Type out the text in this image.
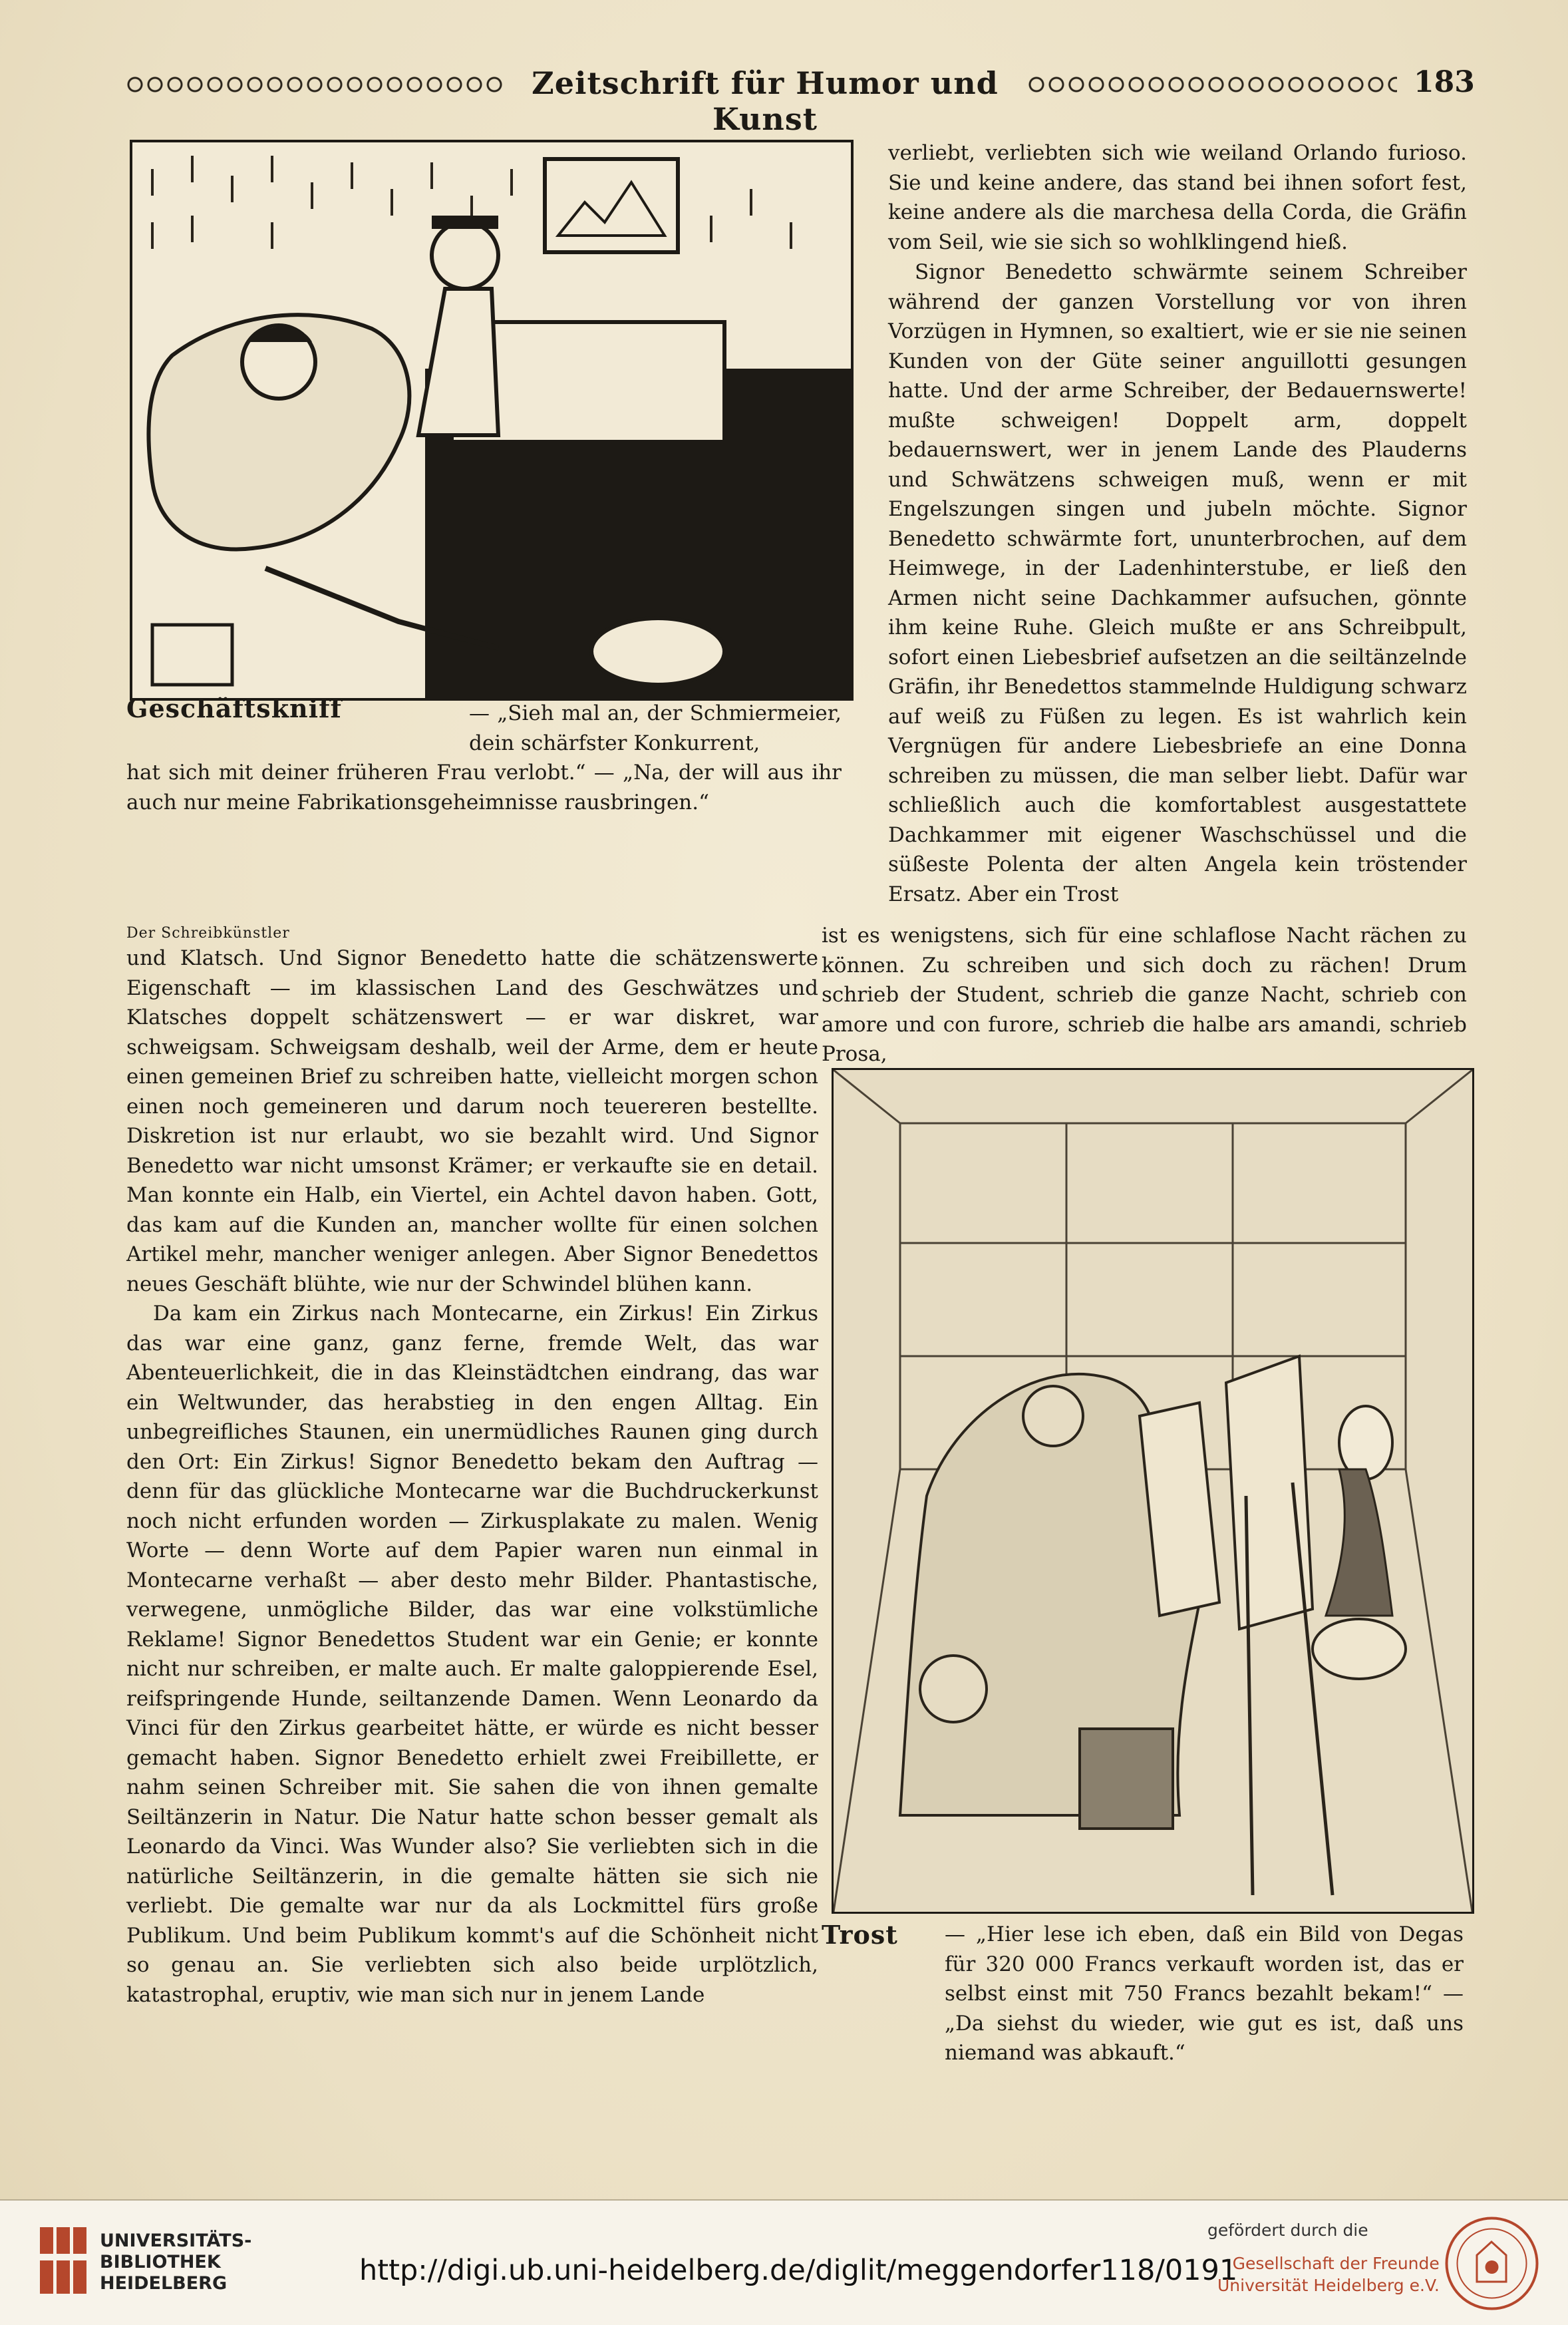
Zeitschrift für Humor und Kunst
183
Geschäftskniff	— „Sieh mal an, der Schmiermeier, dein schärfster Konkurrent,

hat sich mit deiner früheren Frau verlobt.“ — „Na, der will aus ihr auch nur meine Fabrikationsgeheimnisse rausbringen.“

Der Schreibkünstler

und Klatsch. Und Signor Benedetto hatte die schätzenswerte Eigenschaft — im klassischen Land des Geschwätzes und Klatsches doppelt schätzenswert — er war diskret, war schweigsam. Schweigsam deshalb, weil der Arme, dem er heute einen gemeinen Brief zu schreiben hatte, vielleicht morgen schon einen noch gemeineren und darum noch teuereren bestellte. Diskretion ist nur erlaubt, wo sie bezahlt wird. Und Signor Benedetto war nicht umsonst Krämer; er verkaufte sie en detail. Man konnte ein Halb, ein Viertel, ein Achtel davon haben. Gott, das kam auf die Kunden an, mancher wollte für einen solchen Artikel mehr, mancher weniger anlegen. Aber Signor Benedettos neues Geschäft blühte, wie nur der Schwindel blühen kann.

Da kam ein Zirkus nach Montecarne, ein Zirkus! Ein Zirkus das war eine ganz, ganz ferne, fremde Welt, das war Abenteuerlichkeit, die in das Kleinstädtchen eindrang, das war ein Weltwunder, das herabstieg in den engen Alltag. Ein unbegreifliches Staunen, ein unermüdliches Raunen ging durch den Ort: Ein Zirkus! Signor Benedetto bekam den Auftrag — denn für das glückliche Montecarne war die Buchdruckerkunst noch nicht erfunden worden — Zirkusplakate zu malen. Wenig Worte — denn Worte auf dem Papier waren nun einmal in Montecarne verhaßt — aber desto mehr Bilder. Phantastische, verwegene, unmögliche Bilder, das war eine volkstümliche Reklame! Signor Benedettos Student war ein Genie; er konnte nicht nur schreiben, er malte auch. Er malte galoppierende Esel, reifspringende Hunde, seiltanzende Damen. Wenn Leonardo da Vinci für den Zirkus gearbeitet hätte, er würde es nicht besser gemacht haben. Signor Benedetto erhielt zwei Freibillette, er nahm seinen Schreiber mit. Sie sahen die von ihnen gemalte Seiltänzerin in Natur. Die Natur hatte schon besser gemalt als Leonardo da Vinci. Was Wunder also? Sie verliebten sich in die natürliche Seiltänzerin, in die gemalte hätten sie sich nie verliebt. Die gemalte war nur da als Lockmittel fürs große Publikum. Und beim Publikum kommt's auf die Schönheit nicht so genau an. Sie verliebten sich also beide urplötzlich, katastrophal, eruptiv, wie man sich nur in jenem Lande

verliebt, verliebten sich wie weiland Orlando furioso. Sie und keine andere, das stand bei ihnen sofort fest, keine andere als die marchesa della Corda, die Gräfin vom Seil, wie sie sich so wohlklingend hieß.

Signor Benedetto schwärmte seinem Schreiber während der ganzen Vorstellung vor von ihren Vorzügen in Hymnen, so exaltiert, wie er sie nie seinen Kunden von der Güte seiner anguillotti gesungen hatte. Und der arme Schreiber, der Bedauernswerte! mußte schweigen! Doppelt arm, doppelt bedauernswert, wer in jenem Lande des Plauderns und Schwätzens schweigen muß, wenn er mit Engelszungen singen und jubeln möchte. Signor Benedetto schwärmte fort, ununterbrochen, auf dem Heimwege, in der Ladenhinterstube, er ließ den Armen nicht seine Dachkammer aufsuchen, gönnte ihm keine Ruhe. Gleich mußte er ans Schreibpult, sofort einen Liebesbrief aufsetzen an die seiltänzelnde Gräfin, ihr Benedettos stammelnde Huldigung schwarz auf weiß zu Füßen zu legen. Es ist wahrlich kein Vergnügen für andere Liebesbriefe an eine Donna schreiben zu müssen, die man selber liebt. Dafür war schließlich auch die komfortablest ausgestattete Dachkammer mit eigener Waschschüssel und die süßeste Polenta der alten Angela kein tröstender Ersatz. Aber ein Trost

ist es wenigstens, sich für eine schlaflose Nacht rächen zu können. Zu schreiben und sich doch zu rächen! Drum schrieb der Student, schrieb die ganze Nacht, schrieb con amore und con furore, schrieb die halbe ars amandi, schrieb Prosa,

Trost — „Hier lese ich eben, daß ein Bild von Degas für 320 000 Francs verkauft worden ist, das er selbst einst mit 750 Francs bezahlt bekam!“ — „Da siehst du wieder, wie gut es ist, daß uns niemand was abkauft.“

UNIVERSITÄTS-
BIBLIOTHEK
HEIDELBERG	http://digi.ub.uni-heidelberg.de/diglit/meggendorfer118/0191
gefördert durch die
Gesellschaft der Freunde
Universität Heidelberg e.V.
